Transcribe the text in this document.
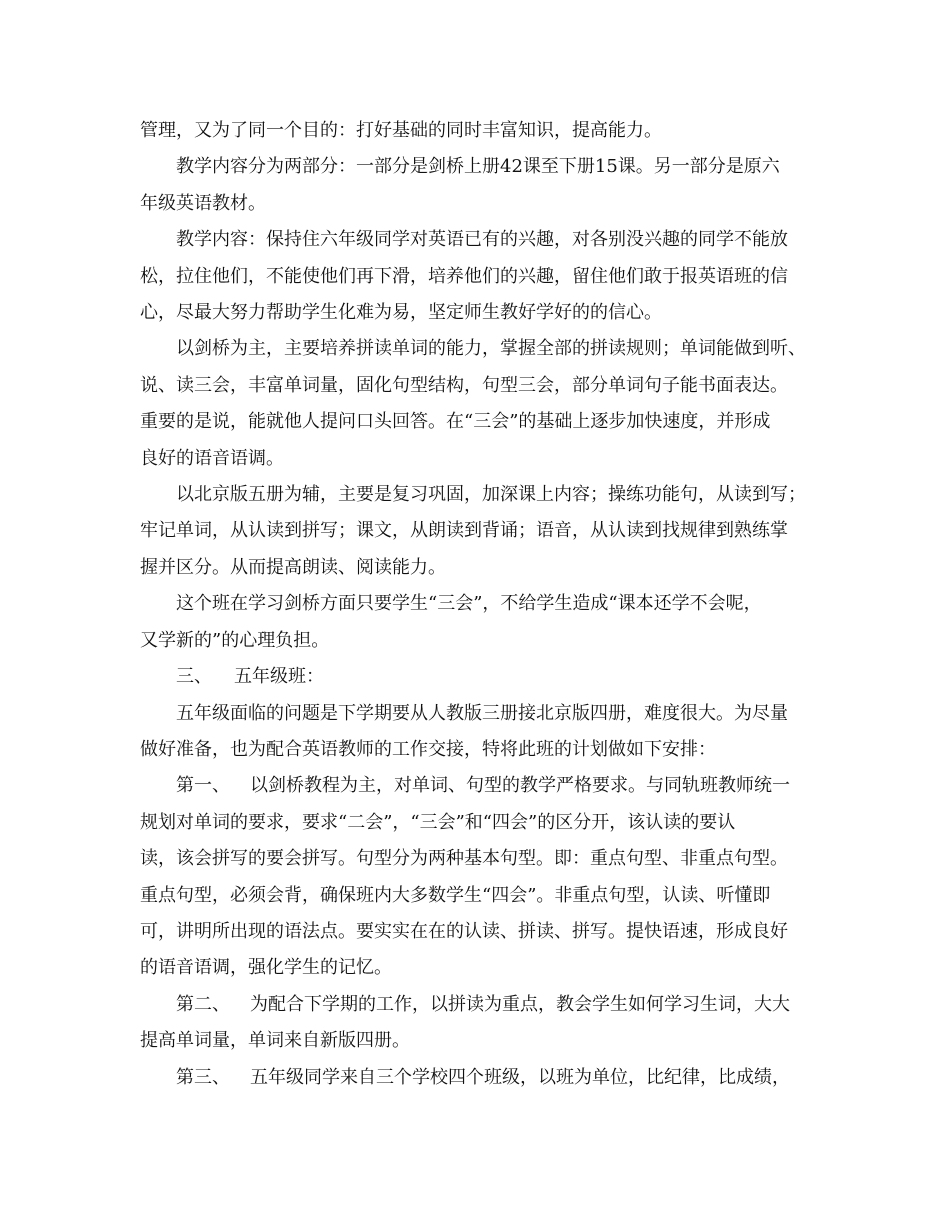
管理，又为了同一个目的：打好基础的同时丰富知识，提高能力。

教学内容分为两部分：一部分是剑桥上册42课至下册15课。另一部分是原六

年级英语教材。

教学内容：保持住六年级同学对英语已有的兴趣，对各别没兴趣的同学不能放

松，拉住他们，不能使他们再下滑，培养他们的兴趣，留住他们敢于报英语班的信

心，尽最大努力帮助学生化难为易，坚定师生教好学好的的信心。

以剑桥为主，主要培养拼读单词的能力，掌握全部的拼读规则；单词能做到听、

说、读三会，丰富单词量，固化句型结构，句型三会，部分单词句子能书面表达。

重要的是说，能就他人提问口头回答。在“三会”的基础上逐步加快速度，并形成

良好的语音语调。

以北京版五册为辅，主要是复习巩固，加深课上内容；操练功能句，从读到写；

牢记单词，从认读到拼写；课文，从朗读到背诵；语音，从认读到找规律到熟练掌

握并区分。从而提高朗读、阅读能力。

这个班在学习剑桥方面只要学生“三会”，不给学生造成“课本还学不会呢，

又学新的”的心理负担。

三、 五年级班：

五年级面临的问题是下学期要从人教版三册接北京版四册，难度很大。为尽量

做好准备，也为配合英语教师的工作交接，特将此班的计划做如下安排：

第一、 以剑桥教程为主，对单词、句型的教学严格要求。与同轨班教师统一

规划对单词的要求，要求“二会”，“三会”和“四会”的区分开，该认读的要认

读，该会拼写的要会拼写。句型分为两种基本句型。即：重点句型、非重点句型。

重点句型，必须会背，确保班内大多数学生“四会”。非重点句型，认读、听懂即

可，讲明所出现的语法点。要实实在在的认读、拼读、拼写。提快语速，形成良好

的语音语调，强化学生的记忆。

第二、 为配合下学期的工作，以拼读为重点，教会学生如何学习生词，大大

提高单词量，单词来自新版四册。

第三、 五年级同学来自三个学校四个班级，以班为单位，比纪律，比成绩，
